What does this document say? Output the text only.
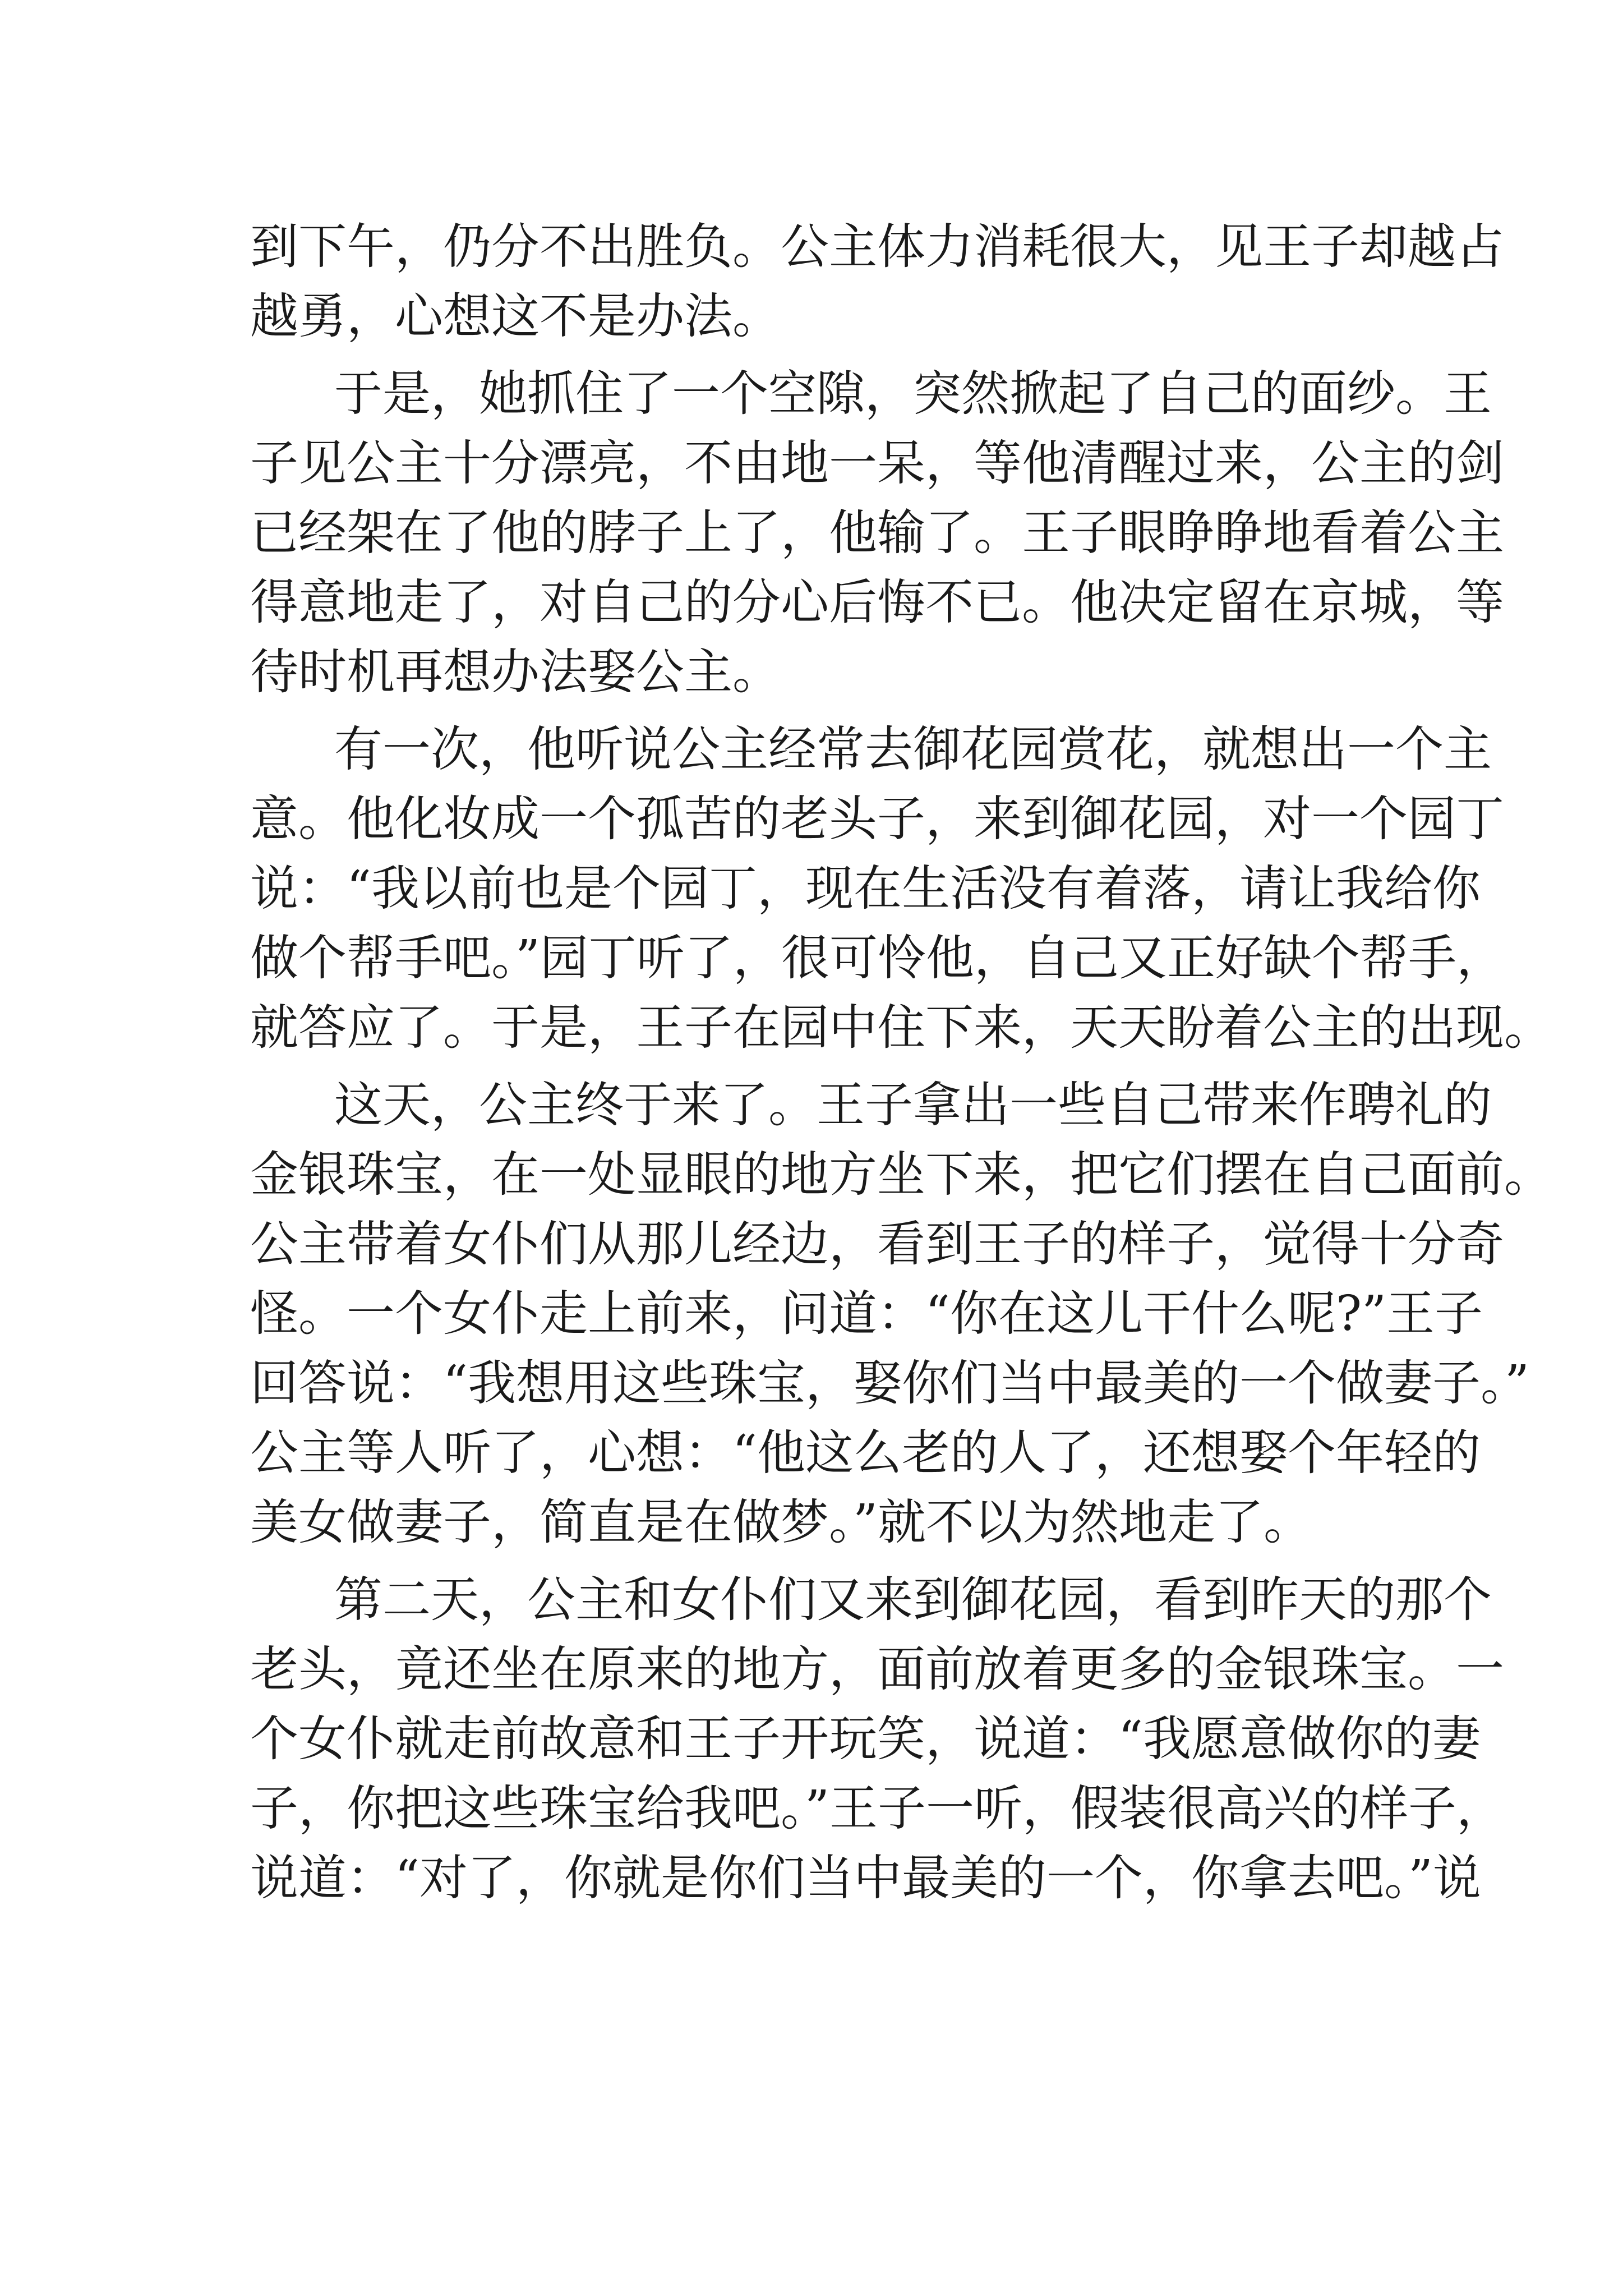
到下午，仍分不出胜负。公主体力消耗很大，见王子却越占
越勇，心想这不是办法。
于是，她抓住了一个空隙，突然掀起了自己的面纱。王
子见公主十分漂亮，不由地一呆，等他清醒过来，公主的剑
已经架在了他的脖子上了，他输了。王子眼睁睁地看着公主
得意地走了，对自己的分心后悔不已。他决定留在京城，等
待时机再想办法娶公主。
有一次，他听说公主经常去御花园赏花，就想出一个主
意。他化妆成一个孤苦的老头子，来到御花园，对一个园丁
说：“我以前也是个园丁，现在生活没有着落，请让我给你
做个帮手吧。”园丁听了，很可怜他，自己又正好缺个帮手，
就答应了。于是，王子在园中住下来，天天盼着公主的出现。
这天，公主终于来了。王子拿出一些自己带来作聘礼的
金银珠宝，在一处显眼的地方坐下来，把它们摆在自己面前。
公主带着女仆们从那儿经边，看到王子的样子，觉得十分奇
怪。一个女仆走上前来，问道：“你在这儿干什么呢?”王子
回答说：“我想用这些珠宝，娶你们当中最美的一个做妻子。”
公主等人听了，心想：“他这么老的人了，还想娶个年轻的
美女做妻子，简直是在做梦。”就不以为然地走了。
第二天，公主和女仆们又来到御花园，看到昨天的那个
老头，竟还坐在原来的地方，面前放着更多的金银珠宝。一
个女仆就走前故意和王子开玩笑，说道：“我愿意做你的妻
子，你把这些珠宝给我吧。”王子一听，假装很高兴的样子，
说道：“对了，你就是你们当中最美的一个，你拿去吧。”说
